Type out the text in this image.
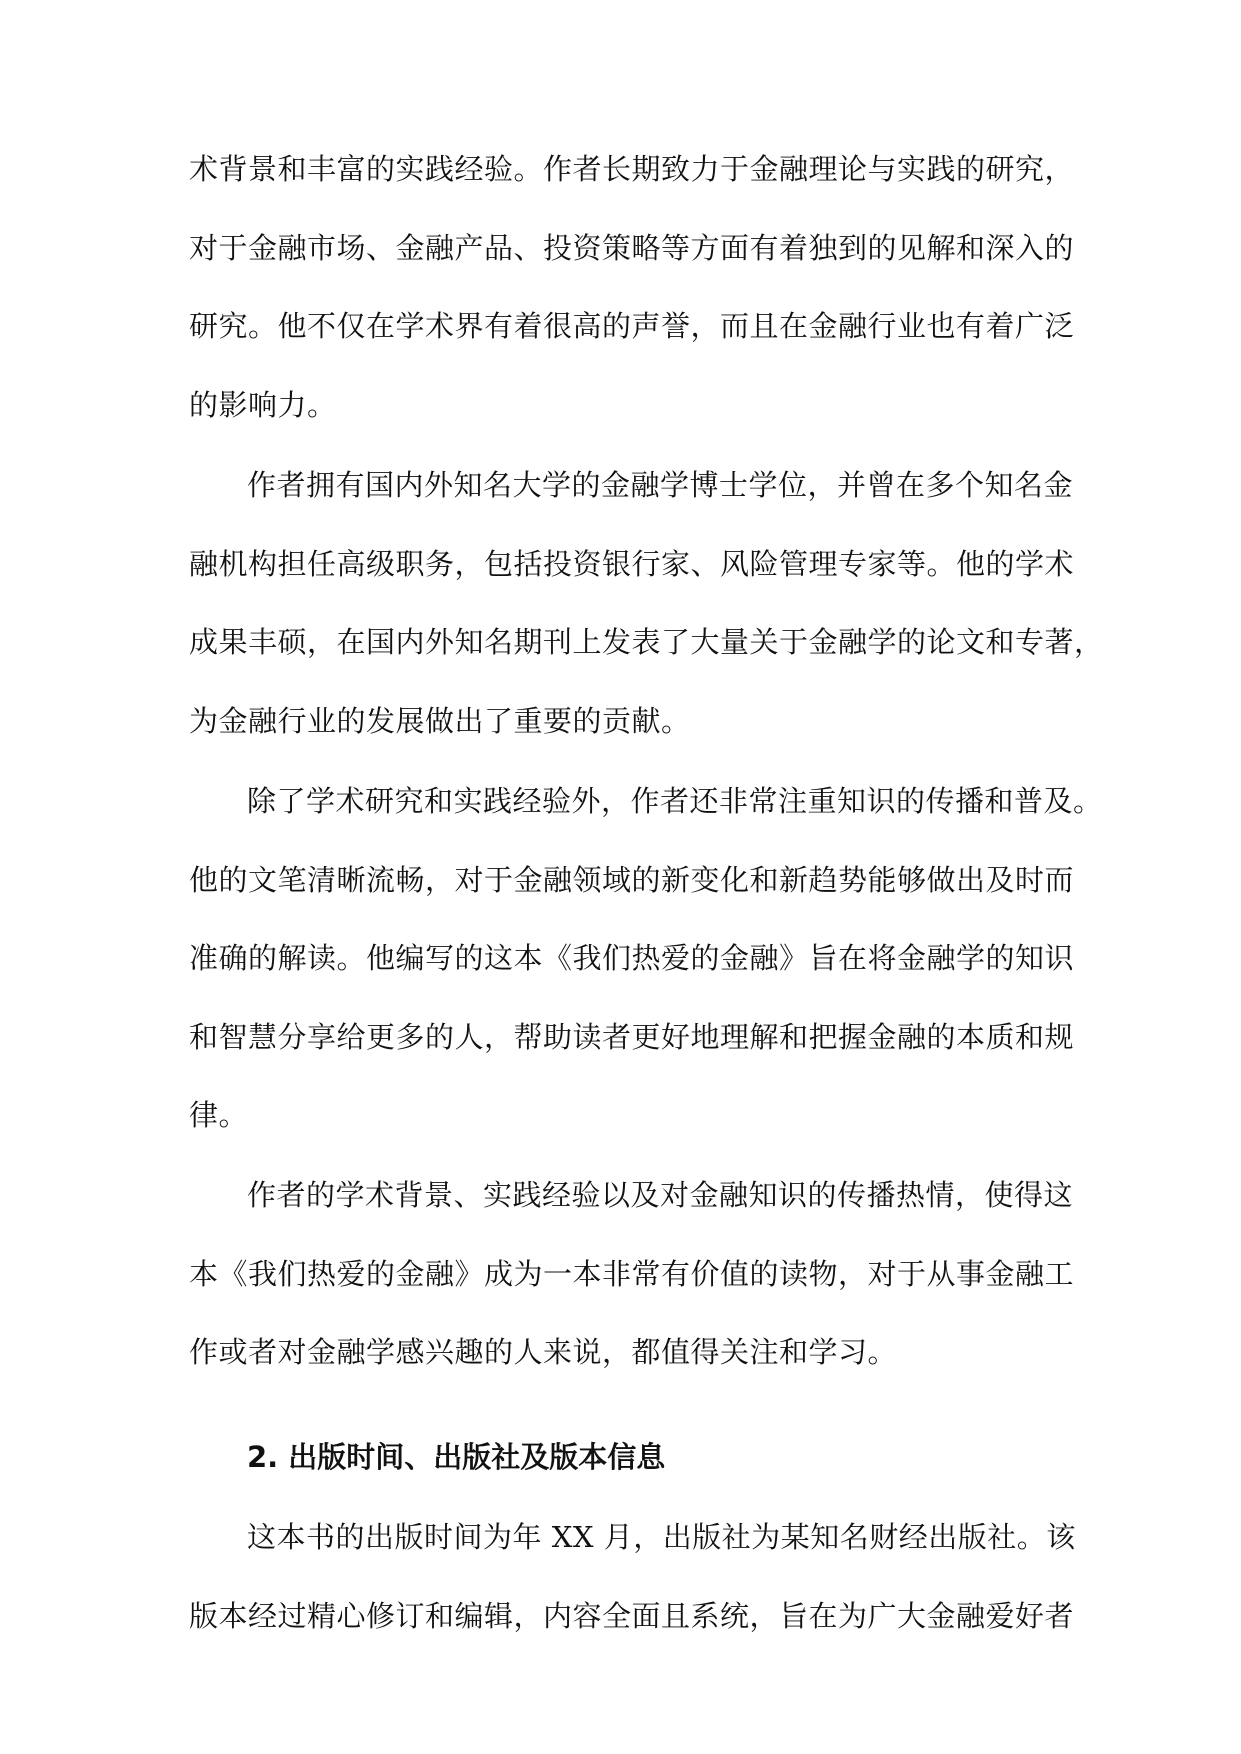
术背景和丰富的实践经验。作者长期致力于金融理论与实践的研究，
对于金融市场、金融产品、投资策略等方面有着独到的见解和深入的
研究。他不仅在学术界有着很高的声誉，而且在金融行业也有着广泛
的影响力。
作者拥有国内外知名大学的金融学博士学位，并曾在多个知名金
融机构担任高级职务，包括投资银行家、风险管理专家等。他的学术
成果丰硕，在国内外知名期刊上发表了大量关于金融学的论文和专著，
为金融行业的发展做出了重要的贡献。
除了学术研究和实践经验外，作者还非常注重知识的传播和普及。
他的文笔清晰流畅，对于金融领域的新变化和新趋势能够做出及时而
准确的解读。他编写的这本《我们热爱的金融》旨在将金融学的知识
和智慧分享给更多的人，帮助读者更好地理解和把握金融的本质和规
律。
作者的学术背景、实践经验以及对金融知识的传播热情，使得这
本《我们热爱的金融》成为一本非常有价值的读物，对于从事金融工
作或者对金融学感兴趣的人来说，都值得关注和学习。
2. 出版时间、出版社及版本信息
这本书的出版时间为年 XX 月，出版社为某知名财经出版社。该
版本经过精心修订和编辑，内容全面且系统，旨在为广大金融爱好者
